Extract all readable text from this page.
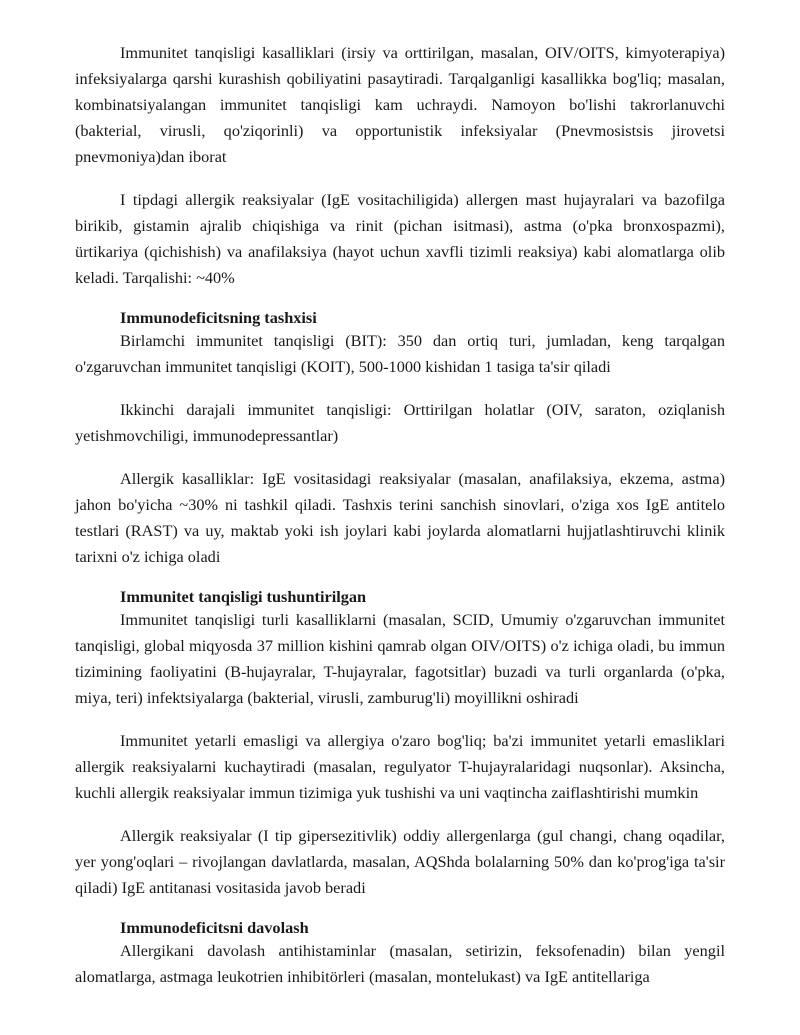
Immunitet tanqisligi kasalliklari (irsiy va orttirilgan, masalan, OIV/OITS, kimyoterapiya) infeksiyalarga qarshi kurashish qobiliyatini pasaytiradi. Tarqalganligi kasallikka bog'liq; masalan, kombinatsiyalangan immunitet tanqisligi kam uchraydi. Namoyon bo'lishi takrorlanuvchi (bakterial, virusli, qo'ziqorinli) va opportunistik infeksiyalar (Pnevmosistsis jirovetsi pnevmoniya)dan iborat

I tipdagi allergik reaksiyalar (IgE vositachiligida) allergen mast hujayralari va bazofilga birikib, gistamin ajralib chiqishiga va rinit (pichan isitmasi), astma (o'pka bronxospazmi), ürtikariya (qichishish) va anafilaksiya (hayot uchun xavfli tizimli reaksiya) kabi alomatlarga olib keladi. Tarqalishi: ~40%

Immunodeficitsning tashxisi

Birlamchi immunitet tanqisligi (BIT): 350 dan ortiq turi, jumladan, keng tarqalgan o'zgaruvchan immunitet tanqisligi (KOIT), 500-1000 kishidan 1 tasiga ta'sir qiladi

Ikkinchi darajali immunitet tanqisligi: Orttirilgan holatlar (OIV, saraton, oziqlanish yetishmovchiligi, immunodepressantlar)

Allergik kasalliklar: IgE vositasidagi reaksiyalar (masalan, anafilaksiya, ekzema, astma) jahon bo'yicha ~30% ni tashkil qiladi. Tashxis terini sanchish sinovlari, o'ziga xos IgE antitelo testlari (RAST) va uy, maktab yoki ish joylari kabi joylarda alomatlarni hujjatlashtiruvchi klinik tarixni o'z ichiga oladi

Immunitet tanqisligi tushuntirilgan

Immunitet tanqisligi turli kasalliklarni (masalan, SCID, Umumiy o'zgaruvchan immunitet tanqisligi, global miqyosda 37 million kishini qamrab olgan OIV/OITS) o'z ichiga oladi, bu immun tizimining faoliyatini (B-hujayralar, T-hujayralar, fagotsitlar) buzadi va turli organlarda (o'pka, miya, teri) infektsiyalarga (bakterial, virusli, zamburug'li) moyillikni oshiradi

Immunitet yetarli emasligi va allergiya o'zaro bog'liq; ba'zi immunitet yetarli emasliklari allergik reaksiyalarni kuchaytiradi (masalan, regulyator T-hujayralaridagi nuqsonlar). Aksincha, kuchli allergik reaksiyalar immun tizimiga yuk tushishi va uni vaqtincha zaiflashtirishi mumkin

Allergik reaksiyalar (I tip gipersezitivlik) oddiy allergenlarga (gul changi, chang oqadilar, yer yong'oqlari – rivojlangan davlatlarda, masalan, AQShda bolalarning 50% dan ko'prog'iga ta'sir qiladi) IgE antitanasi vositasida javob beradi

Immunodeficitsni davolash

Allergikani davolash antihistaminlar (masalan, setirizin, feksofenadin) bilan yengil alomatlarga, astmaga leukotrien inhibitörleri (masalan, montelukast) va IgE antitellariga
